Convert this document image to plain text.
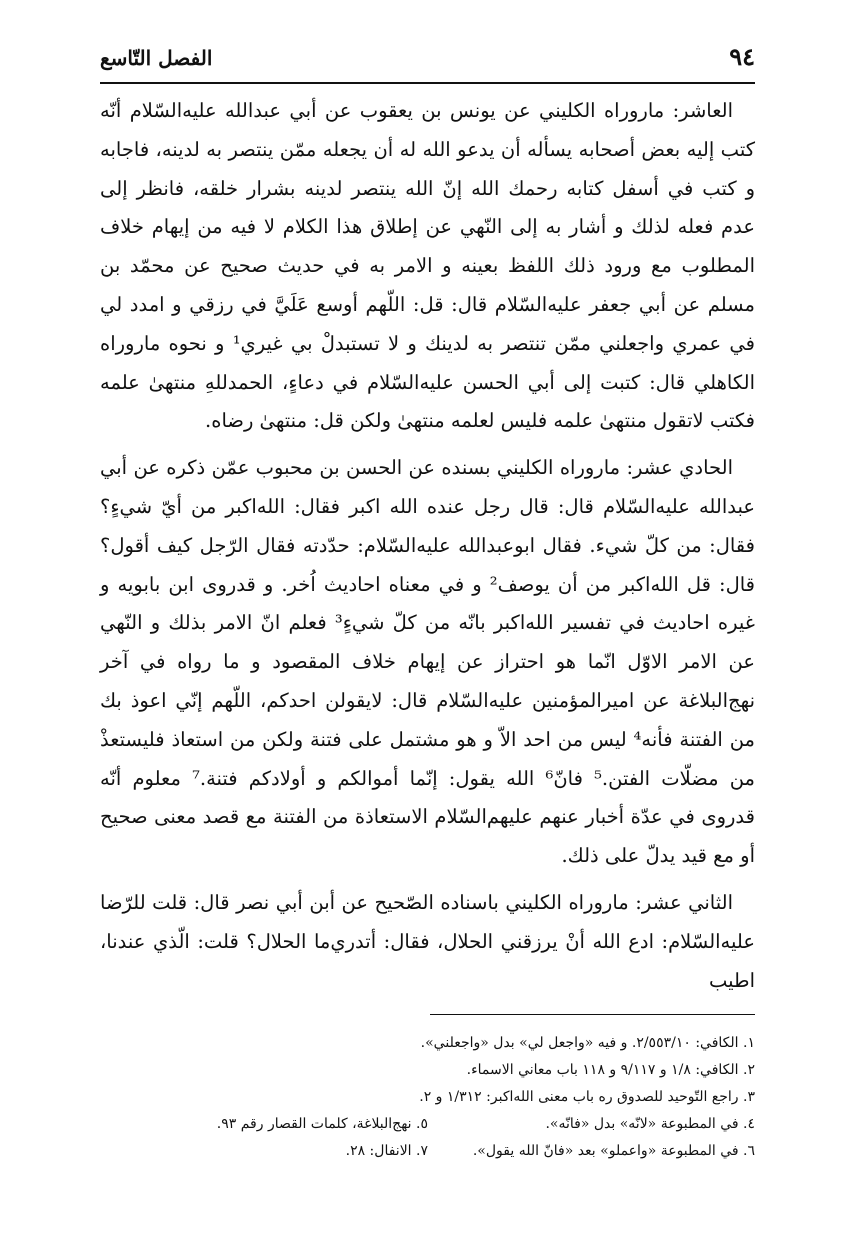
٩٤
الفصل التّاسع

العاشر: ماروراه الكليني عن يونس بن يعقوب عن أبي عبدالله عليه‌السّلام أنّه كتب إليه بعض أصحابه يسأله أن يدعو الله له أن يجعله ممّن ينتصر به لدينه، فاجابه و كتب في أسفل كتابه رحمك الله إنّ الله ينتصر لدينه بشرار خلقه، فانظر إلى عدم فعله لذلك و أشار به إلى النّهي عن إطلاق هذا الكلام لا فيه من إيهام خلاف المطلوب مع ورود ذلك اللفظ بعينه و الامر به في حديث صحيح عن محمّد بن مسلم عن أبي جعفر عليه‌السّلام قال: قل: اللّهم أوسع عَلَيَّ في رزقي و امدد لي في عمري واجعلني ممّن تنتصر به لدينك و لا تستبدلْ بي غيري¹ و نحوه ماروراه الكاهلي قال: كتبت إلى أبي الحسن عليه‌السّلام في دعاءٍ، الحمدللهِ منتهىٰ علمه فكتب لاتقول منتهىٰ علمه فليس لعلمه منتهىٰ ولكن قل: منتهىٰ رضاه.

الحادي عشر: ماروراه الكليني بسنده عن الحسن بن محبوب عمّن ذكره عن أبي عبدالله عليه‌السّلام قال: قال رجل عنده الله اكبر فقال: الله‌اكبر من أيّ شيءٍ؟ فقال: من كلّ شيء. فقال ابوعبدالله عليه‌السّلام: حدّدته فقال الرّجل كيف أقول؟ قال: قل الله‌اكبر من أن يوصف² و في معناه احاديث اُخر. و قدروى ابن بابويه و غيره احاديث في تفسير الله‌اكبر بانّه من كلّ شيءٍ³ فعلم انّ الامر بذلك و النّهي عن الامر الاوّل انّما هو احتراز عن إيهام خلاف المقصود و ما رواه في آخر نهج‌البلاغة عن اميرالمؤمنين عليه‌السّلام قال: لايقولن احدكم، اللّهم إنّي اعوذ بك من الفتنة فأنه⁴ ليس من احد الاّ و هو مشتمل على فتنة ولكن من استعاذ فليستعذْ من مضلّات الفتن.⁵ فانّ⁶ الله يقول: إنّما أموالكم و أولادكم فتنة.⁷ معلوم أنّه قدروى في عدّة أخبار عنهم عليهم‌السّلام الاستعاذة من الفتنة مع قصد معنى صحيح أو مع قيد يدلّ على ذلك.

الثاني عشر: ماروراه الكليني باسناده الصّحيح عن أبن أبي نصر قال: قلت للرّضا عليه‌السّلام: ادع الله أنْ يرزقني الحلال، فقال: أتدري‌ما الحلال؟ قلت: الّذي عندنا، اطيب

١. الكافي: ٢/٥٥٣/١٠. و فيه «واجعل لي» بدل «واجعلني».
٢. الكافي: ١/٨ و ٩/١١٧ و ١١٨ باب معاني الاسماء.
٣. راجع التّوحيد للصدوق ره باب معنى الله‌اكبر: ١/٣١٢ و ٢.
٤. في المطبوعة «لانّه» بدل «فانّه».
٥. نهج‌البلاغة، كلمات القصار رقم ٩٣.
٦. في المطبوعة «واعملو» بعد «فانّ الله يقول».
٧. الانفال: ٢٨.
